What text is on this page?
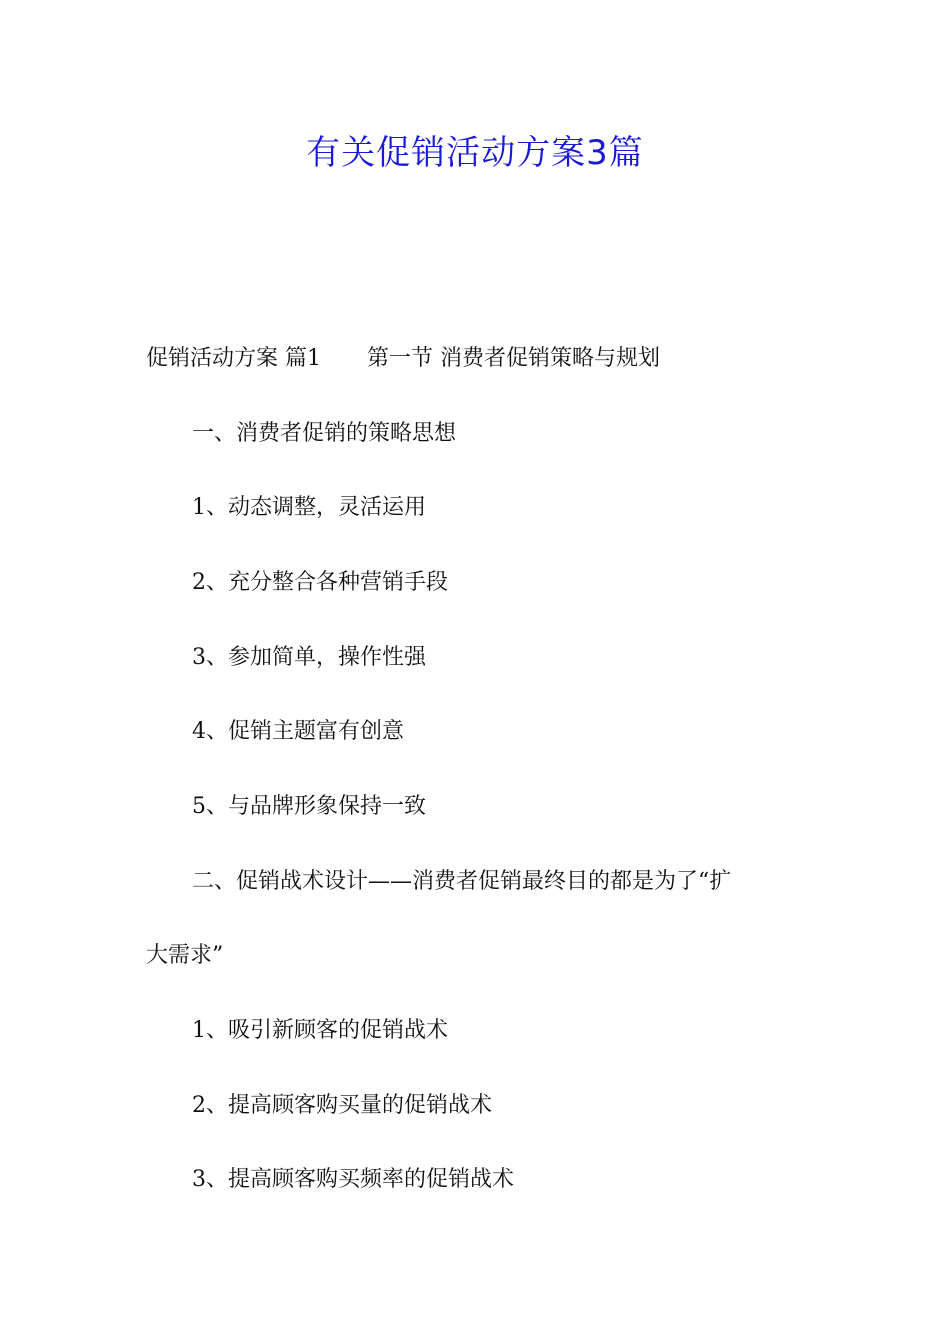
有关促销活动方案3篇
促销活动方案 篇1 第一节 消费者促销策略与规划
一、消费者促销的策略思想
1、动态调整，灵活运用
2、充分整合各种营销手段
3、参加简单，操作性强
4、促销主题富有创意
5、与品牌形象保持一致
二、促销战术设计——消费者促销最终目的都是为了“扩
大需求”
1、吸引新顾客的促销战术
2、提高顾客购买量的促销战术
3、提高顾客购买频率的促销战术
